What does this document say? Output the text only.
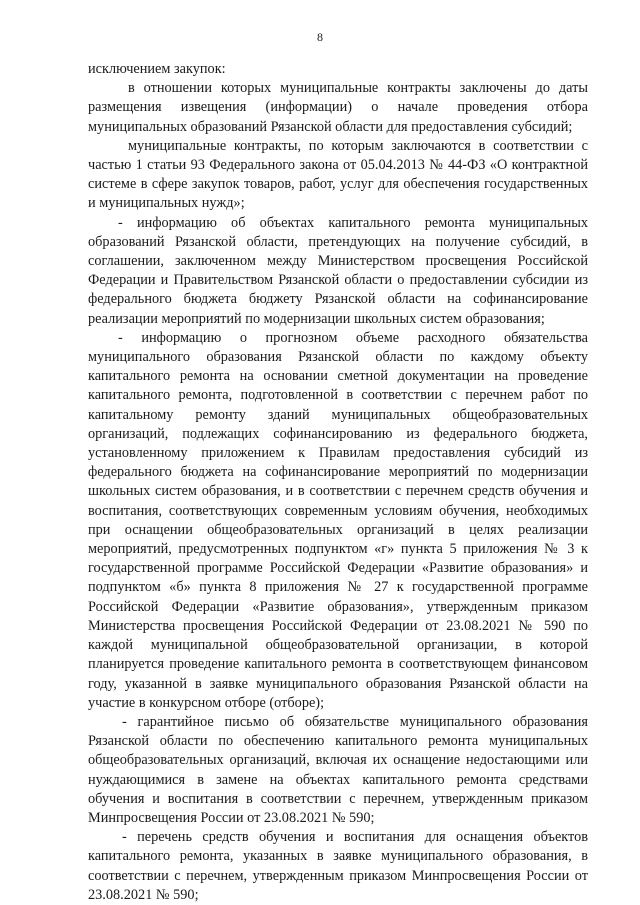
8

исключением закупок:

в отношении которых муниципальные контракты заключены до даты размещения извещения (информации) о начале проведения отбора муниципальных образований Рязанской области для предоставления субсидий;

муниципальные контракты, по которым заключаются в соответствии с частью 1 статьи 93 Федерального закона от 05.04.2013 № 44-ФЗ «О контрактной системе в сфере закупок товаров, работ, услуг для обеспечения государственных и муниципальных нужд»;

- информацию об объектах капитального ремонта муниципальных образований Рязанской области, претендующих на получение субсидий, в соглашении, заключенном между Министерством просвещения Российской Федерации и Правительством Рязанской области о предоставлении субсидии из федерального бюджета бюджету Рязанской области на софинансирование реализации мероприятий по модернизации школьных систем образования;

- информацию о прогнозном объеме расходного обязательства муниципального образования Рязанской области по каждому объекту капитального ремонта на основании сметной документации на проведение капитального ремонта, подготовленной в соответствии с перечнем работ по капитальному ремонту зданий муниципальных общеобразовательных организаций, подлежащих софинансированию из федерального бюджета, установленному приложением к Правилам предоставления субсидий из федерального бюджета на софинансирование мероприятий по модернизации школьных систем образования, и в соответствии с перечнем средств обучения и воспитания, соответствующих современным условиям обучения, необходимых при оснащении общеобразовательных организаций в целях реализации мероприятий, предусмотренных подпунктом «г» пункта 5 приложения № 3 к государственной программе Российской Федерации «Развитие образования» и подпунктом «б» пункта 8 приложения № 27 к государственной программе Российской Федерации «Развитие образования», утвержденным приказом Министерства просвещения Российской Федерации от 23.08.2021 № 590 по каждой муниципальной общеобразовательной организации, в которой планируется проведение капитального ремонта в соответствующем финансовом году, указанной в заявке муниципального образования Рязанской области на участие в конкурсном отборе (отборе);

- гарантийное письмо об обязательстве муниципального образования Рязанской области по обеспечению капитального ремонта муниципальных общеобразовательных организаций, включая их оснащение недостающими или нуждающимися в замене на объектах капитального ремонта средствами обучения и воспитания в соответствии с перечнем, утвержденным приказом Минпросвещения России от 23.08.2021 № 590;

- перечень средств обучения и воспитания для оснащения объектов капитального ремонта, указанных в заявке муниципального образования, в соответствии с перечнем, утвержденным приказом Минпросвещения России от 23.08.2021 № 590;
